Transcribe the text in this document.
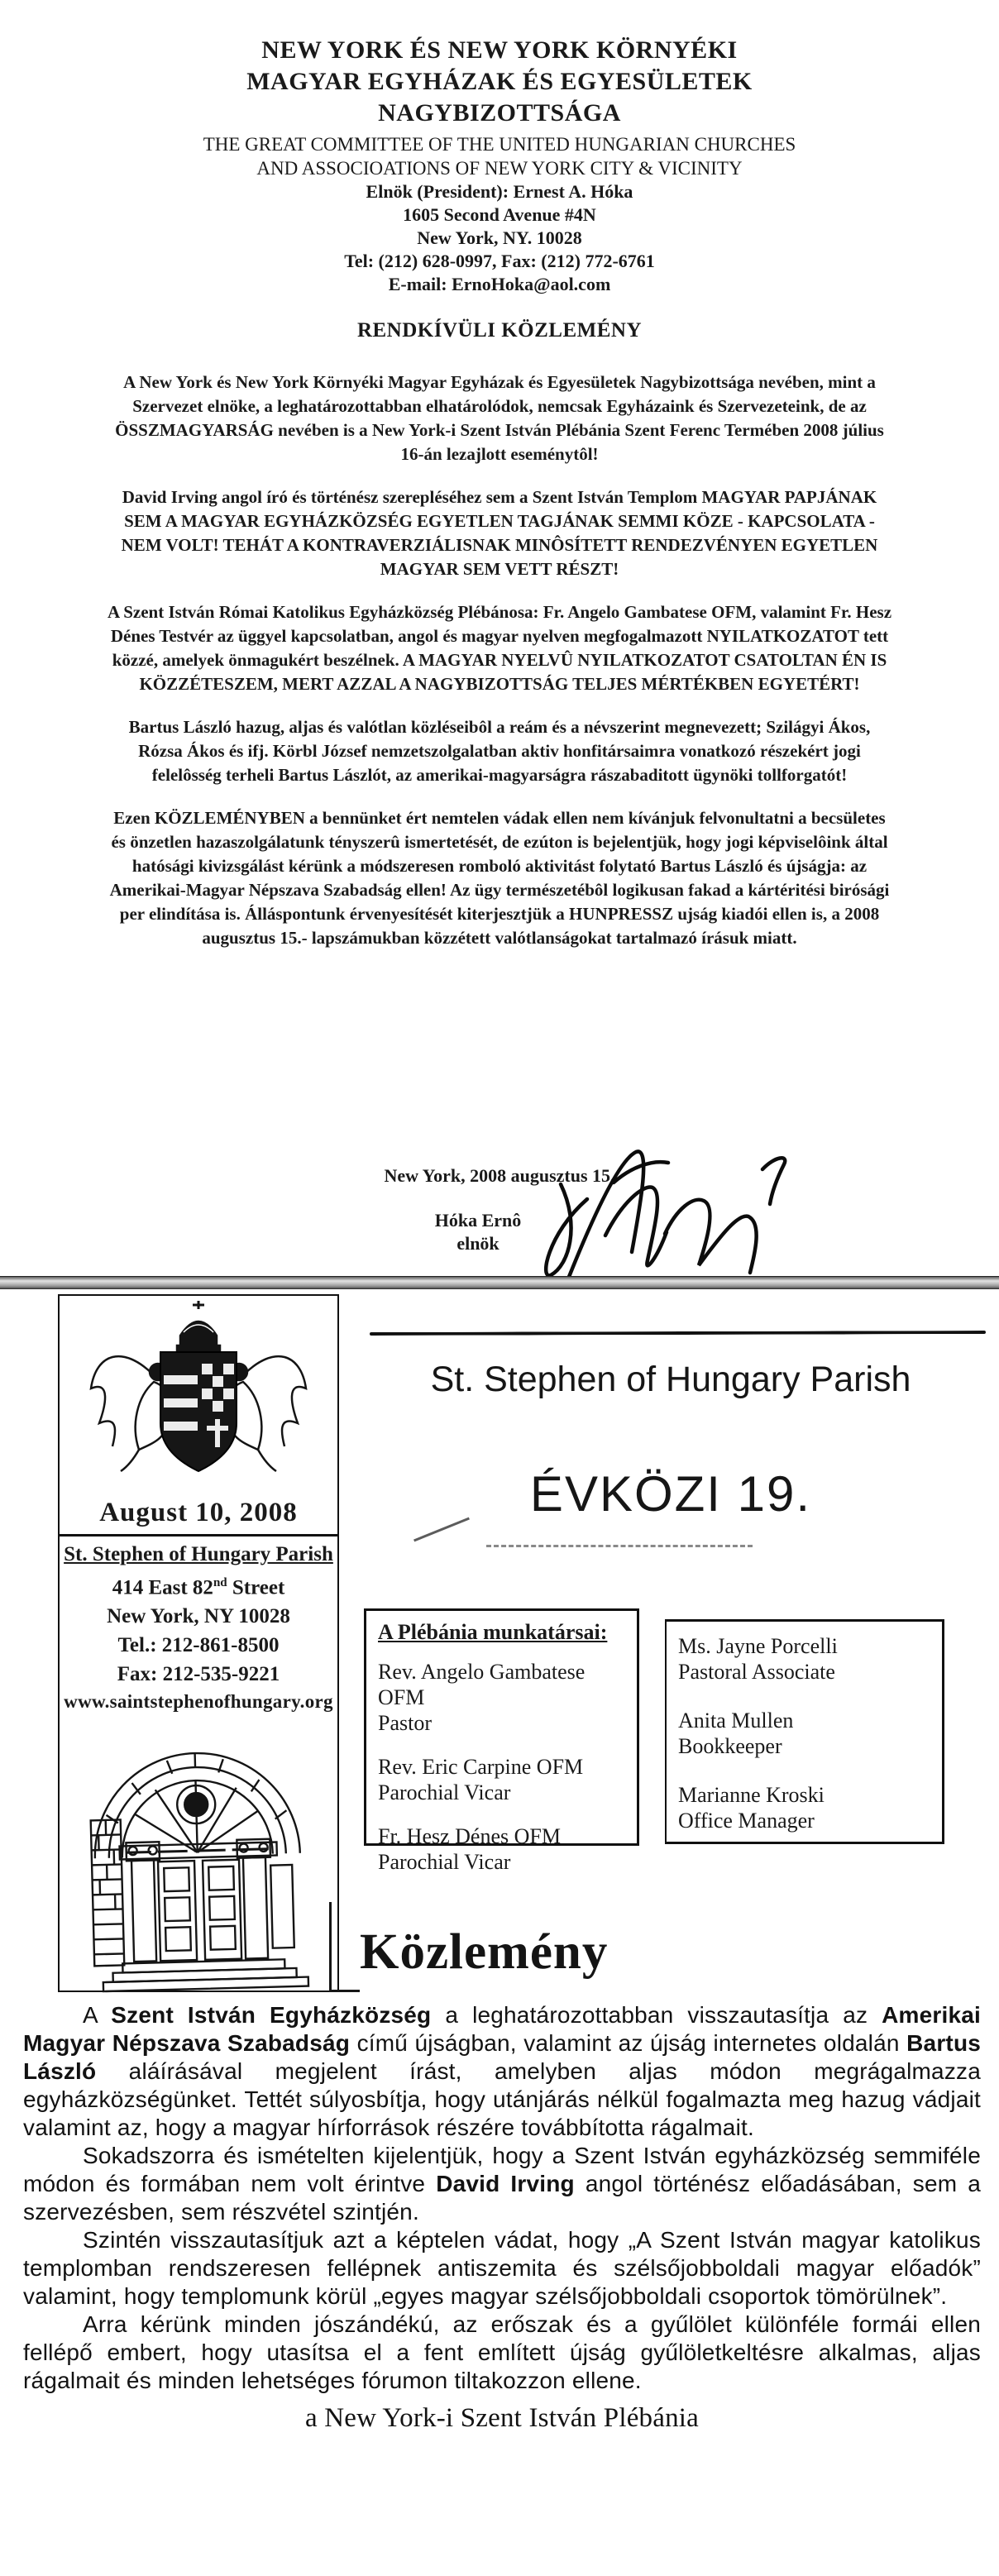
NEW YORK ÉS NEW YORK KÖRNYÉKI
MAGYAR EGYHÁZAK ÉS EGYESÜLETEK
NAGYBIZOTTSÁGA
THE GREAT COMMITTEE OF THE UNITED HUNGARIAN CHURCHES
AND ASSOCIOATIONS OF NEW YORK CITY & VICINITY
Elnök (President): Ernest A. Hóka
1605 Second Avenue #4N
New York, NY. 10028
Tel: (212) 628-0997, Fax: (212) 772-6761
E-mail: ErnoHoka@aol.com
RENDKÍVÜLI KÖZLEMÉNY

A New York és New York Környéki Magyar Egyházak és Egyesületek Nagybizottsága nevében, mint a Szervezet elnöke, a leghatározottabban elhatárolódok, nemcsak Egyházaink és Szervezeteink, de az ÖSSZMAGYARSÁG nevében is a New York-i Szent István Plébánia Szent Ferenc Termében 2008 július 16-án lezajlott eseménytôl!

David Irving angol író és történész szerepléséhez sem a Szent István Templom MAGYAR PAPJÁNAK SEM A MAGYAR EGYHÁZKÖZSÉG EGYETLEN TAGJÁNAK SEMMI KÖZE - KAPCSOLATA - NEM VOLT! TEHÁT A KONTRAVERZIÁLISNAK MINÔSÍTETT RENDEZVÉNYEN EGYETLEN MAGYAR SEM VETT RÉSZT!

A Szent István Római Katolikus Egyházközség Plébánosa: Fr. Angelo Gambatese OFM, valamint Fr. Hesz Dénes Testvér az üggyel kapcsolatban, angol és magyar nyelven megfogalmazott NYILATKOZATOT tett közzé, amelyek önmagukért beszélnek. A MAGYAR NYELVÛ NYILATKOZATOT CSATOLTAN ÉN IS KÖZZÉTESZEM, MERT AZZAL A NAGYBIZOTTSÁG TELJES MÉRTÉKBEN EGYETÉRT!

Bartus László hazug, aljas és valótlan közléseibôl a reám és a névszerint megnevezett; Szilágyi Ákos, Rózsa Ákos és ifj. Körbl József nemzetszolgalatban aktiv honfitársaimra vonatkozó részekért jogi felelôsség terheli Bartus Lászlót, az amerikai-magyarságra rászabaditott ügynöki tollforgatót!

Ezen KÖZLEMÉNYBEN a bennünket ért nemtelen vádak ellen nem kívánjuk felvonultatni a becsületes és önzetlen hazaszolgálatunk tényszerû ismertetését, de ezúton is bejelentjük, hogy jogi képviselôink által hatósági kivizsgálást kérünk a módszeresen romboló aktivitást folytató Bartus László és újságja: az Amerikai-Magyar Népszava Szabadság ellen! Az ügy természetébôl logikusan fakad a kártéritési birósági per elindítása is. Álláspontunk érvenyesítését kiterjesztjük a HUNPRESSZ ujság kiadói ellen is, a 2008 augusztus 15.- lapszámukban közzétett valótlanságokat tartalmazó írásuk miatt.

New York, 2008 augusztus 15.
Hóka Ernô
elnök
August 10, 2008
St. Stephen of Hungary Parish
414 East 82nd Street
New York, NY 10028
Tel.: 212-861-8500
Fax: 212-535-9221
www.saintstephenofhungary.org
St. Stephen of Hungary Parish
ÉVKÖZI 19.
A Plébánia munkatársai:
Rev. Angelo Gambatese OFM
Pastor
Rev. Eric Carpine OFM
Parochial Vicar
Fr. Hesz Dénes OFM
Parochial Vicar
Ms. Jayne Porcelli
Pastoral Associate
Anita Mullen
Bookkeeper
Marianne Kroski
Office Manager
Közlemény

A Szent István Egyházközség a leghatározottabban visszautasítja az Amerikai Magyar Népszava Szabadság című újságban, valamint az újság internetes oldalán Bartus László aláírásával megjelent írást, amelyben aljas módon megrágalmazza egyházközségünket. Tettét súlyosbítja, hogy utánjárás nélkül fogalmazta meg hazug vádjait valamint az, hogy a magyar hírforrások részére továbbította rágalmait.

Sokadszorra és ismételten kijelentjük, hogy a Szent István egyházközség semmiféle módon és formában nem volt érintve David Irving angol történész előadásában, sem a szervezésben, sem részvétel szintjén.

Szintén visszautasítjuk azt a képtelen vádat, hogy „A Szent István magyar katolikus templomban rendszeresen fellépnek antiszemita és szélsőjobboldali magyar előadók” valamint, hogy templomunk körül „egyes magyar szélsőjobboldali csoportok tömörülnek”.

Arra kérünk minden jószándékú, az erőszak és a gyűlölet különféle formái ellen fellépő embert, hogy utasítsa el a fent említett újság gyűlöletkeltésre alkalmas, aljas rágalmait és minden lehetséges fórumon tiltakozzon ellene.

a New York-i Szent István Plébánia
